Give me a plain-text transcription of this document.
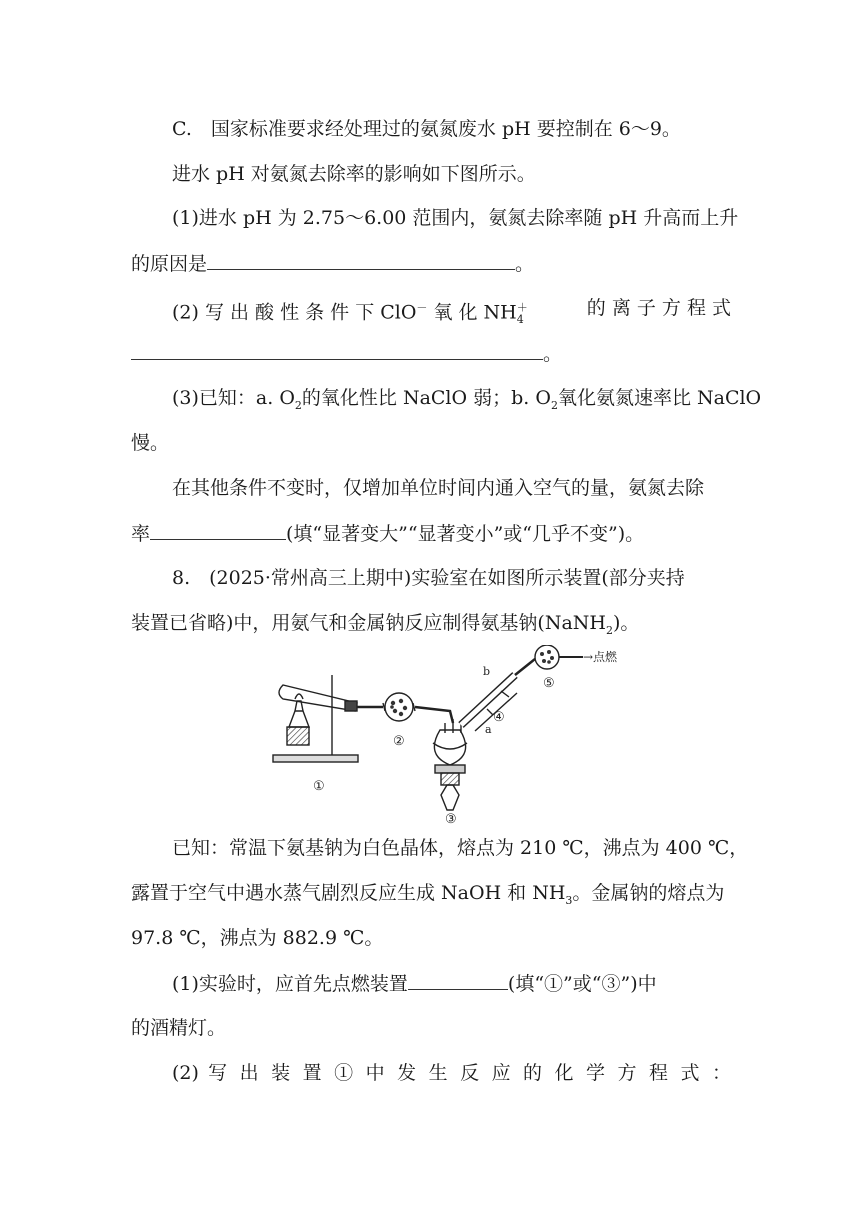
C.　国家标准要求经处理过的氨氮废水 pH 要控制在 6～9。
进水 pH 对氨氮去除率的影响如下图所示。
(1)进水 pH 为 2.75～6.00 范围内，氨氮去除率随 pH 升高而上升
的原因是	。
(2) 写 出 酸 性 条 件 下 ClO－ 氧 化 $NH^+_4$
的 离 子 方 程 式
。
(3)已知：a. $O_2$的氧化性比 NaClO 弱；b. $O_2$氧化氨氮速率比 NaClO
慢。
在其他条件不变时，仅增加单位时间内通入空气的量，氨氮去除
率	(填“显著变大”“显著变小”或“几乎不变”)。
8.　(2025·常州高三上期中)实验室在如图所示装置(部分夹持
装置已省略)中，用氨气和金属钠反应制得氨基钠(NaNH$_2$)。
①
②
③
④
⑤
a
b
→点燃
已知：常温下氨基钠为白色晶体，熔点为 210 ℃，沸点为 400 ℃，
露置于空气中遇水蒸气剧烈反应生成 NaOH 和 $NH_3$。金属钠的熔点为
97.8 ℃，沸点为 882.9 ℃。
(1)实验时，应首先点燃装置	(填“①”或“③”)中
的酒精灯。
(2) 写 出 装 置 ① 中 发 生 反 应 的 化 学 方 程 式 ：
